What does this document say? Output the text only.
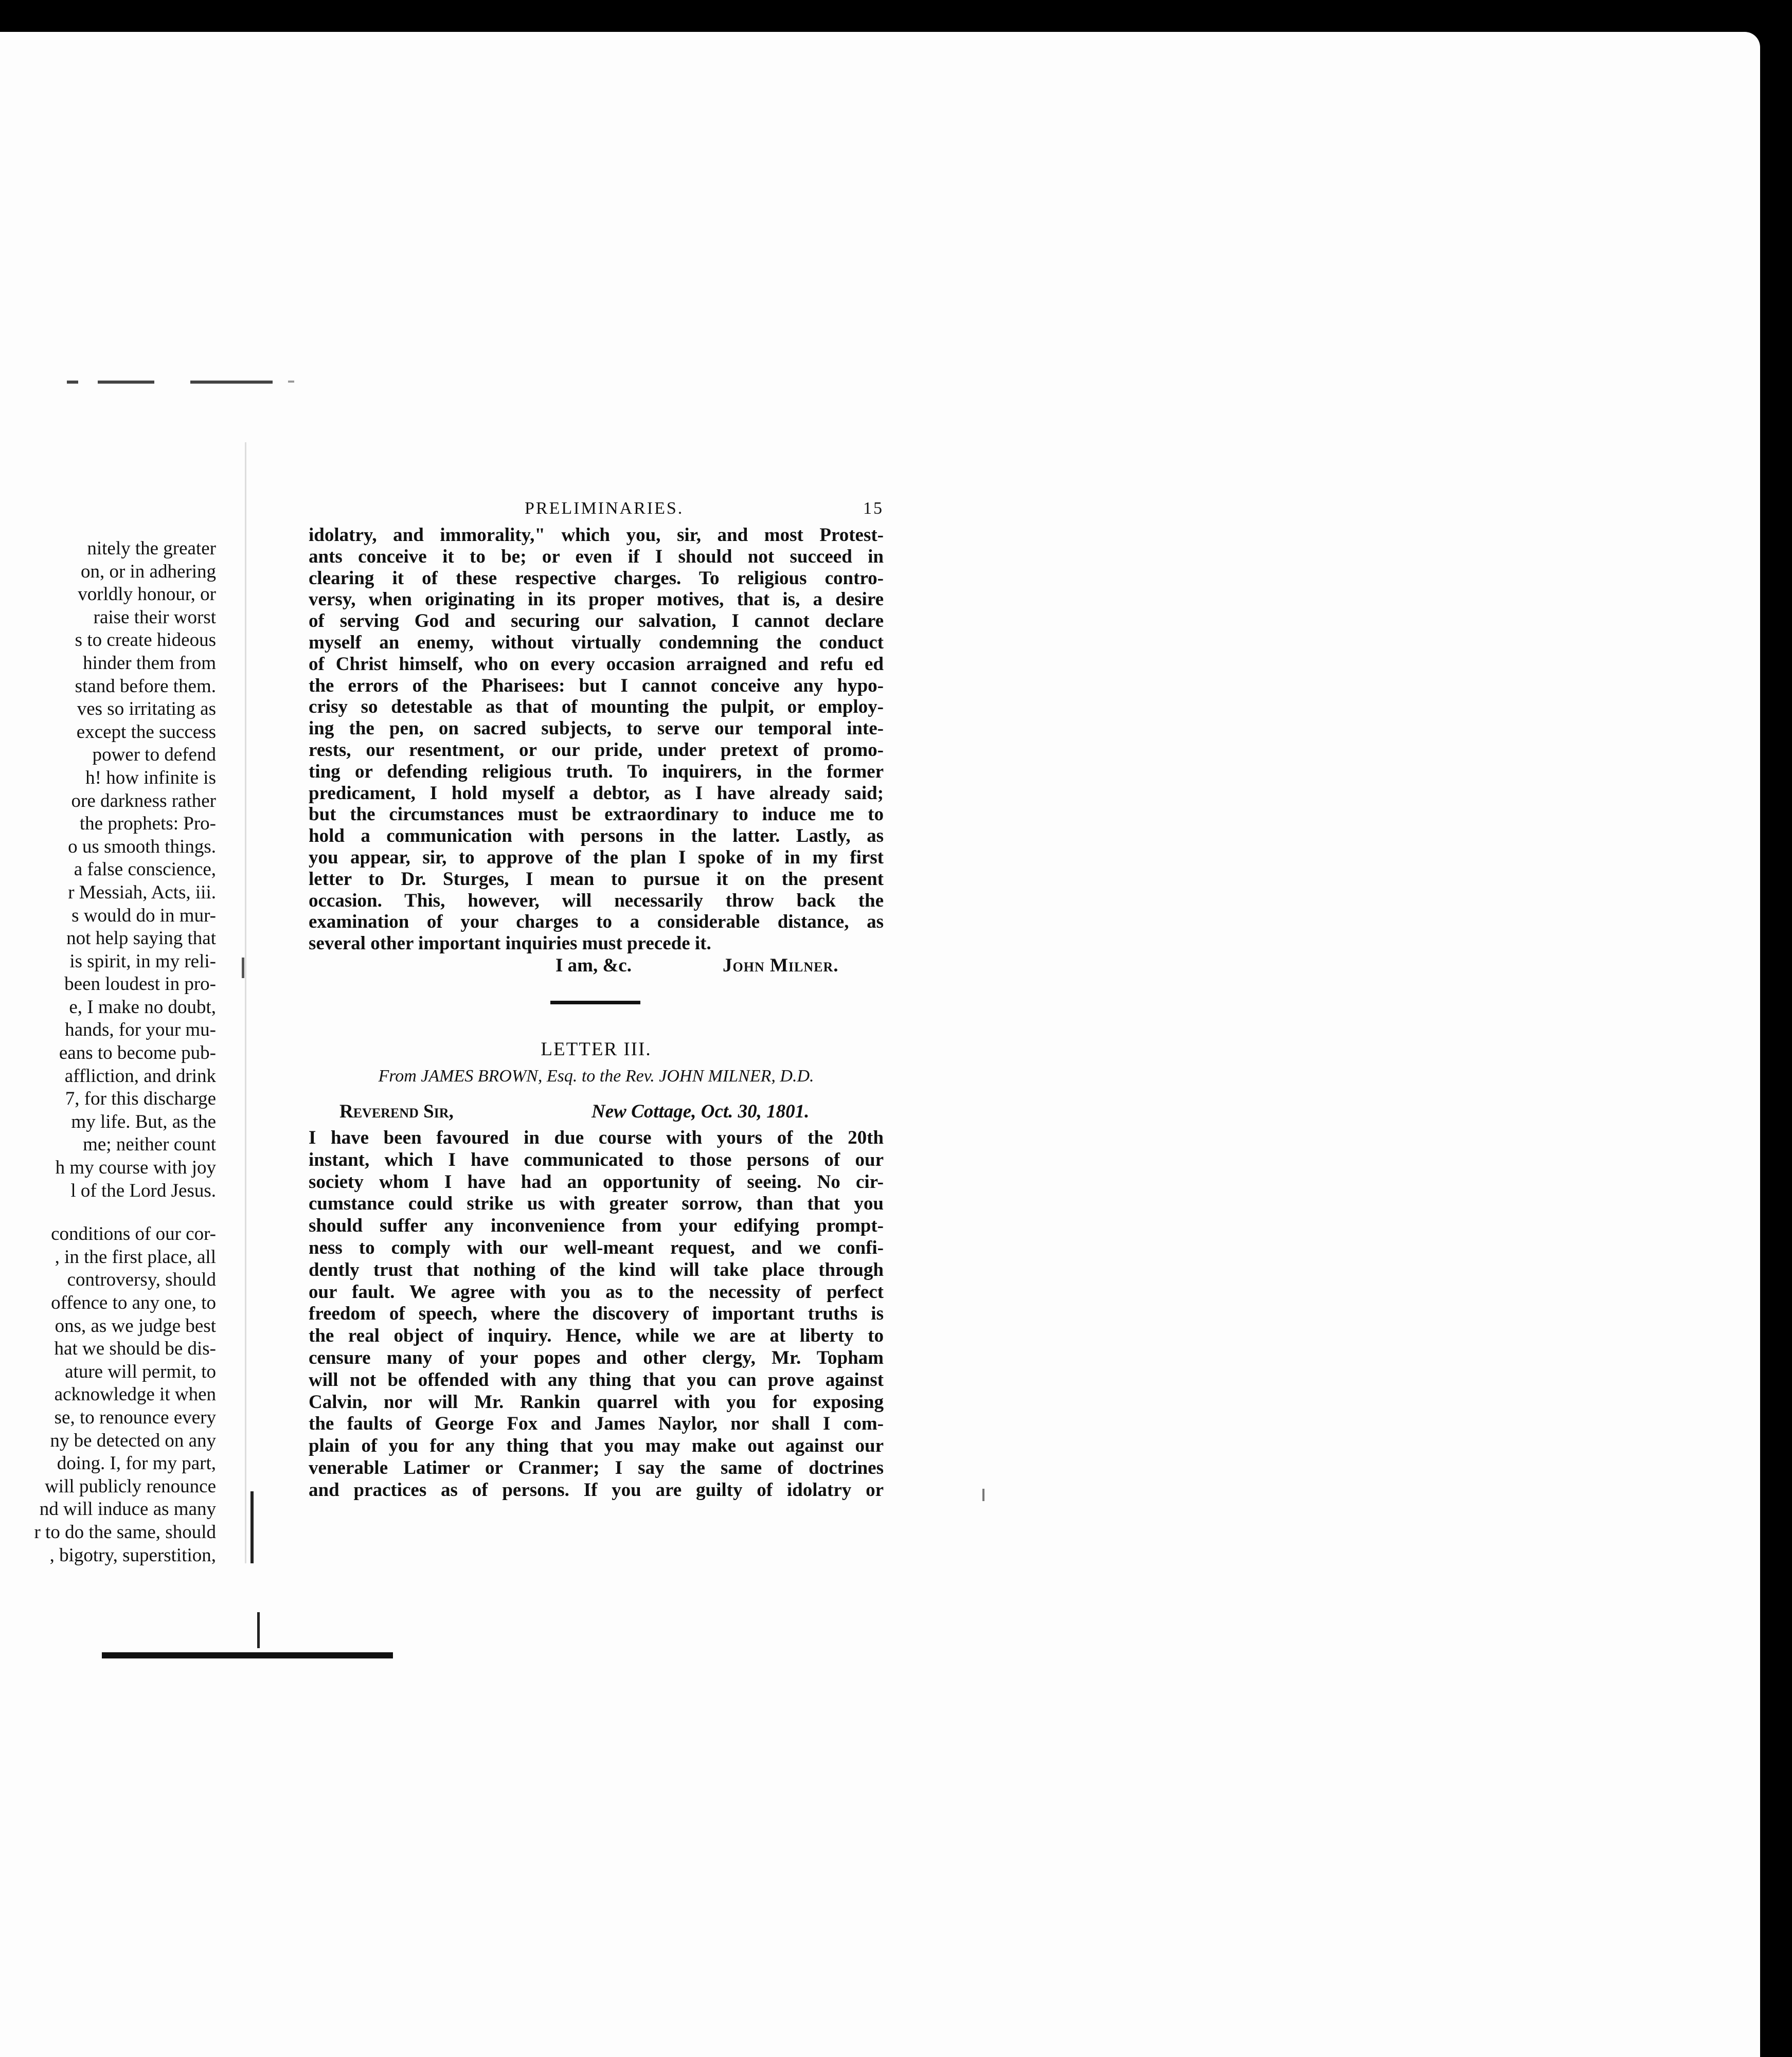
nitely the greater
on, or in adhering
vorldly honour, or
raise their worst
s to create hideous
hinder them from
stand before them.
ves so irritating as
except the success
power to defend
h! how infinite is
ore darkness rather
the prophets: Pro-
o us smooth things.
a false conscience,
r Messiah, Acts, iii.
s would do in mur-
not help saying that
is spirit, in my reli-
been loudest in pro-
e, I make no doubt,
hands, for your mu-
eans to become pub-
affliction, and drink
7, for this discharge
my life. But, as the
me; neither count
h my course with joy
l of the Lord Jesus.
conditions of our cor-
, in the first place, all
controversy, should
offence to any one, to
ons, as we judge best
hat we should be dis-
ature will permit, to
acknowledge it when
se, to renounce every
ny be detected on any
doing. I, for my part,
will publicly renounce
nd will induce as many
r to do the same, should
, bigotry, superstition,
PRELIMINARIES.	15
idolatry, and immorality," which you, sir, and most Protest-
ants conceive it to be; or even if I should not succeed in
clearing it of these respective charges. To religious contro-
versy, when originating in its proper motives, that is, a desire
of serving God and securing our salvation, I cannot declare
myself an enemy, without virtually condemning the conduct
of Christ himself, who on every occasion arraigned and refu ed
the errors of the Pharisees: but I cannot conceive any hypo-
crisy so detestable as that of mounting the pulpit, or employ-
ing the pen, on sacred subjects, to serve our temporal inte-
rests, our resentment, or our pride, under pretext of promo-
ting or defending religious truth. To inquirers, in the former
predicament, I hold myself a debtor, as I have already said;
but the circumstances must be extraordinary to induce me to
hold a communication with persons in the latter. Lastly, as
you appear, sir, to approve of the plan I spoke of in my first
letter to Dr. Sturges, I mean to pursue it on the present
occasion. This, however, will necessarily throw back the
examination of your charges to a considerable distance, as
several other important inquiries must precede it.
I am, &c.	John Milner.
LETTER III.
From JAMES BROWN, Esq. to the Rev. JOHN MILNER, D.D.
Reverend Sir,	New Cottage, Oct. 30, 1801.
I have been favoured in due course with yours of the 20th
instant, which I have communicated to those persons of our
society whom I have had an opportunity of seeing. No cir-
cumstance could strike us with greater sorrow, than that you
should suffer any inconvenience from your edifying prompt-
ness to comply with our well-meant request, and we confi-
dently trust that nothing of the kind will take place through
our fault. We agree with you as to the necessity of perfect
freedom of speech, where the discovery of important truths is
the real object of inquiry. Hence, while we are at liberty to
censure many of your popes and other clergy, Mr. Topham
will not be offended with any thing that you can prove against
Calvin, nor will Mr. Rankin quarrel with you for exposing
the faults of George Fox and James Naylor, nor shall I com-
plain of you for any thing that you may make out against our
venerable Latimer or Cranmer; I say the same of doctrines
and practices as of persons. If you are guilty of idolatry or
